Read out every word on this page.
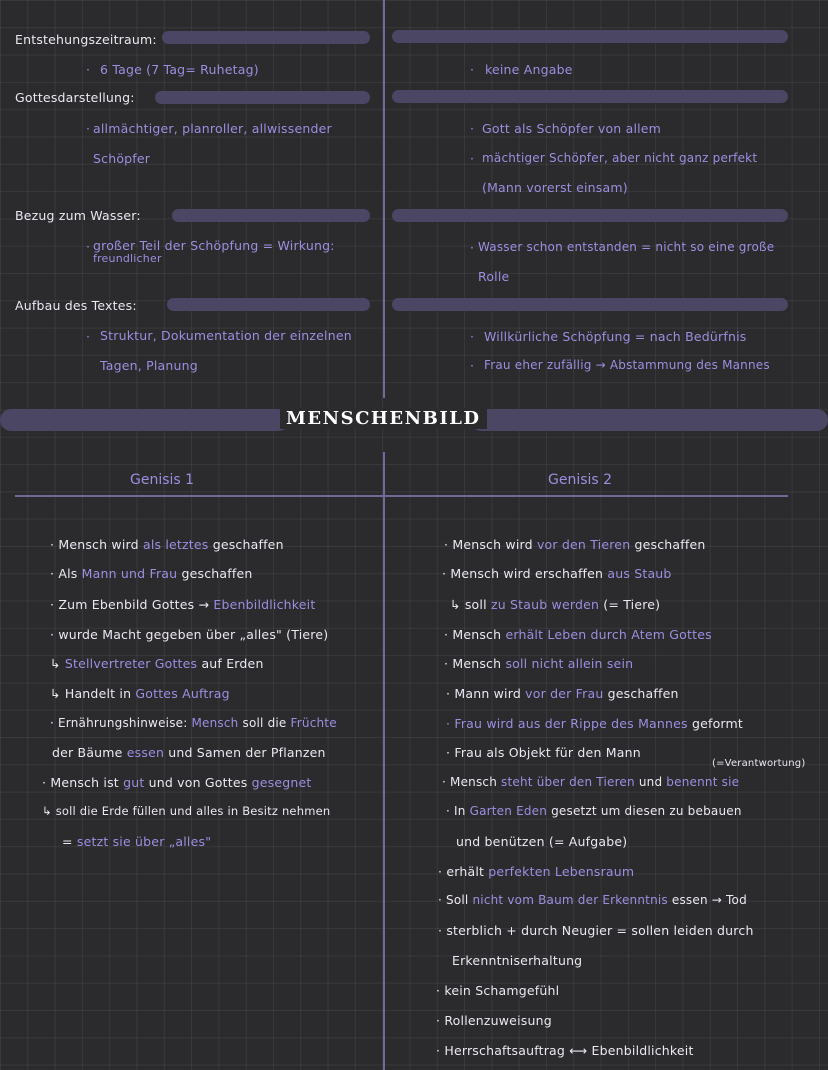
Entstehungszeitraum:
Gottesdarstellung:
Bezug zum Wasser:
Aufbau des Textes:
· 6 Tage (7 Tag= Ruhetag)
· allmächtiger, planroller, allwissender
Schöpfer
· großer Teil der Schöpfung = Wirkung:
freundlicher
· Struktur, Dokumentation der einzelnen
Tagen, Planung
· keine Angabe
· Gott als Schöpfer von allem
· mächtiger Schöpfer, aber nicht ganz perfekt
(Mann vorerst einsam)
· Wasser schon entstanden = nicht so eine große
Rolle
· Willkürliche Schöpfung = nach Bedürfnis
· Frau eher zufällig → Abstammung des Mannes
MENSCHENBILD
Genisis 1	Genisis 2
· Mensch wird als letztes geschaffen
· Als Mann und Frau geschaffen
· Zum Ebenbild Gottes → Ebenbildlichkeit
· wurde Macht gegeben über „alles" (Tiere)
↳ Stellvertreter Gottes auf Erden
↳ Handelt in Gottes Auftrag
· Ernährungshinweise: Mensch soll die Früchte
der Bäume essen und Samen der Pflanzen
· Mensch ist gut und von Gottes gesegnet
↳ soll die Erde füllen und alles in Besitz nehmen
= setzt sie über „alles"
· Mensch wird vor den Tieren geschaffen
· Mensch wird erschaffen aus Staub
↳ soll zu Staub werden (= Tiere)
· Mensch erhält Leben durch Atem Gottes
· Mensch soll nicht allein sein
· Mann wird vor der Frau geschaffen
· Frau wird aus der Rippe des Mannes geformt
· Frau als Objekt für den Mann
· Mensch steht über den Tieren und benennt sie
· In Garten Eden gesetzt um diesen zu bebauen
und benützen (= Aufgabe)
· erhält perfekten Lebensraum
· Soll nicht vom Baum der Erkenntnis essen → Tod
· sterblich + durch Neugier = sollen leiden durch
Erkenntniserhaltung
· kein Schamgefühl
· Rollenzuweisung
· Herrschaftsauftrag ⟷ Ebenbildlichkeit
(=Verantwortung)
